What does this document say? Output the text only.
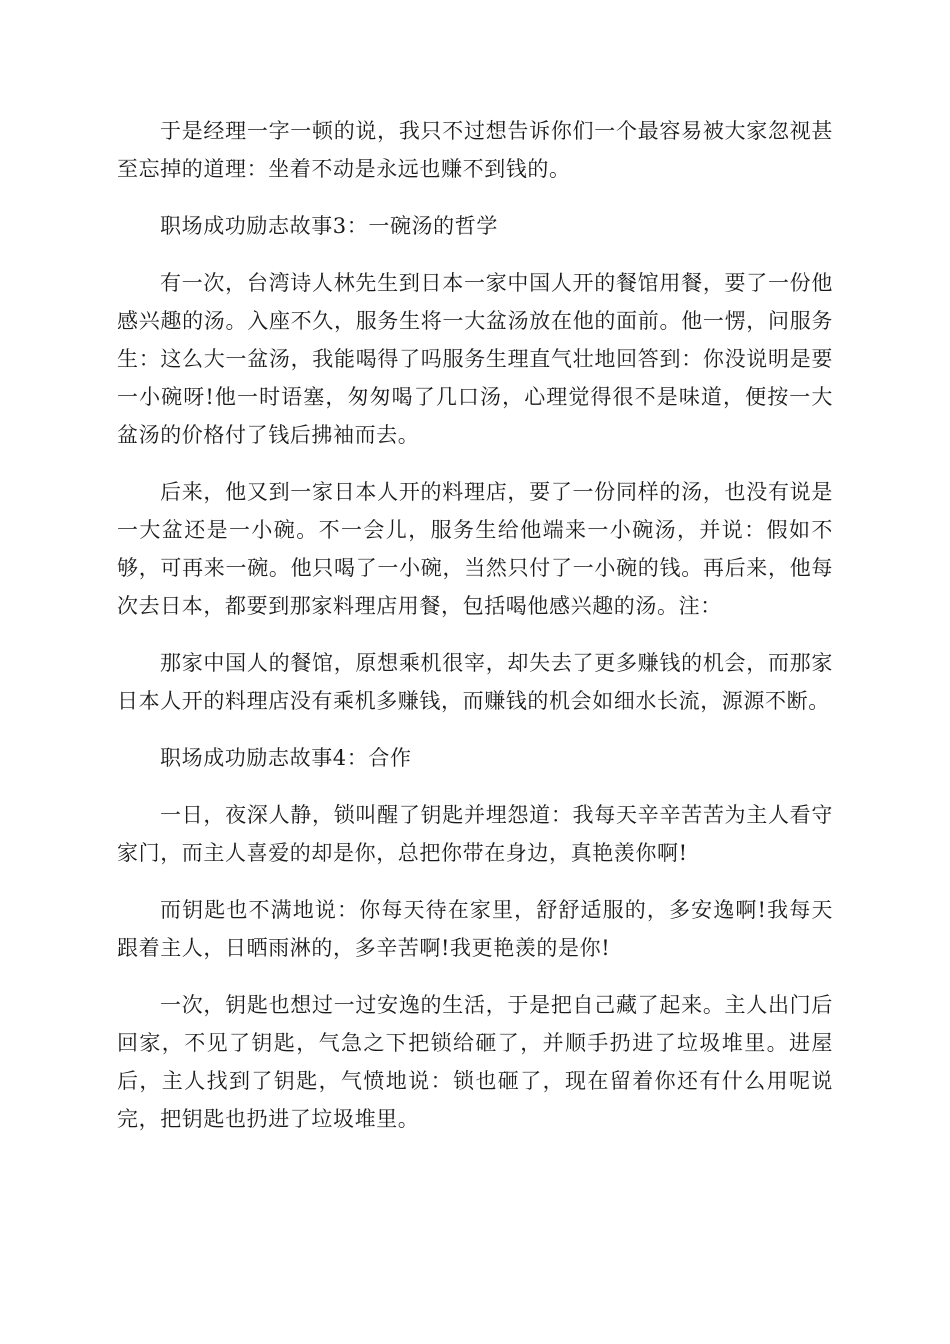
于是经理一字一顿的说，我只不过想告诉你们一个最容易被大家忽视甚至忘掉的道理：坐着不动是永远也赚不到钱的。

职场成功励志故事3：一碗汤的哲学

有一次，台湾诗人林先生到日本一家中国人开的餐馆用餐，要了一份他感兴趣的汤。入座不久，服务生将一大盆汤放在他的面前。他一愣，问服务生：这么大一盆汤，我能喝得了吗服务生理直气壮地回答到：你没说明是要一小碗呀!他一时语塞，匆匆喝了几口汤，心理觉得很不是味道，便按一大盆汤的价格付了钱后拂袖而去。

后来，他又到一家日本人开的料理店，要了一份同样的汤，也没有说是一大盆还是一小碗。不一会儿，服务生给他端来一小碗汤，并说：假如不够，可再来一碗。他只喝了一小碗，当然只付了一小碗的钱。再后来，他每次去日本，都要到那家料理店用餐，包括喝他感兴趣的汤。注：

那家中国人的餐馆，原想乘机很宰，却失去了更多赚钱的机会，而那家日本人开的料理店没有乘机多赚钱，而赚钱的机会如细水长流，源源不断。

职场成功励志故事4：合作

一日，夜深人静，锁叫醒了钥匙并埋怨道：我每天辛辛苦苦为主人看守家门，而主人喜爱的却是你，总把你带在身边，真艳羡你啊!

而钥匙也不满地说：你每天待在家里，舒舒适服的，多安逸啊!我每天跟着主人，日晒雨淋的，多辛苦啊!我更艳羡的是你!

一次，钥匙也想过一过安逸的生活，于是把自己藏了起来。主人出门后回家，不见了钥匙，气急之下把锁给砸了，并顺手扔进了垃圾堆里。进屋后，主人找到了钥匙，气愤地说：锁也砸了，现在留着你还有什么用呢说完，把钥匙也扔进了垃圾堆里。
